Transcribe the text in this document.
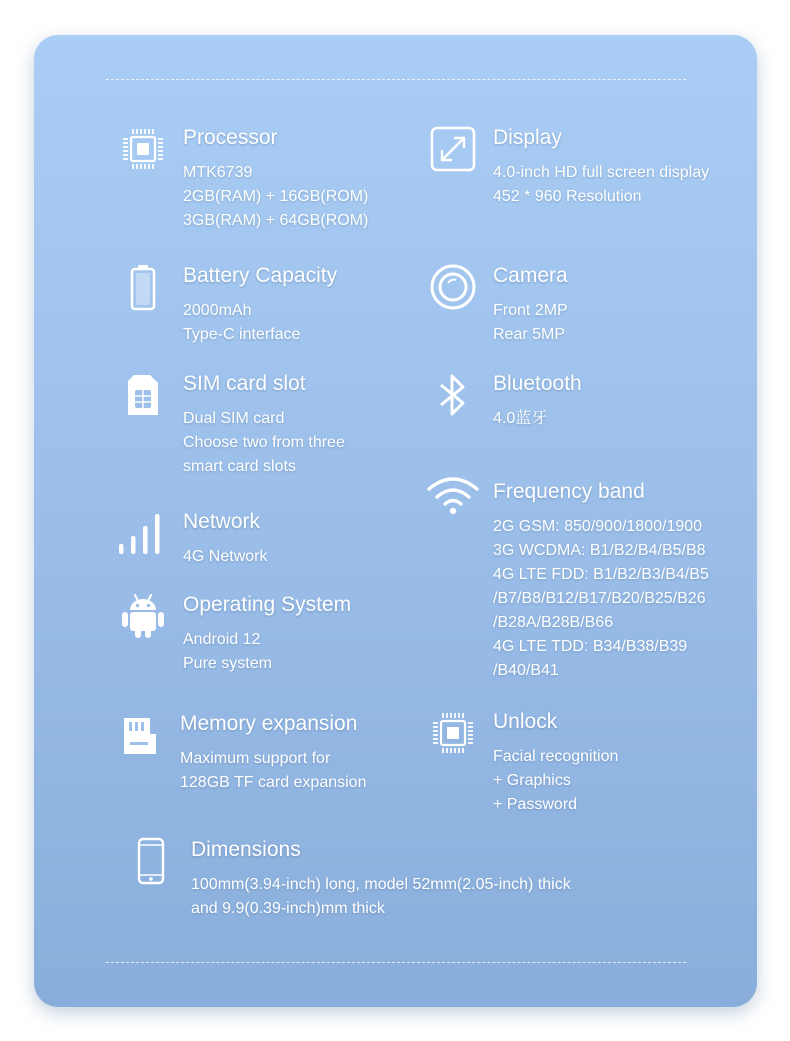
Processor
MTK6739
2GB(RAM) + 16GB(ROM)
3GB(RAM) + 64GB(ROM)
Display
4.0-inch HD full screen display
452 * 960 Resolution
Battery Capacity
2000mAh
Type-C interface
Camera
Front 2MP
Rear 5MP
SIM card slot
Dual SIM card
Choose two from three
smart card slots
Bluetooth
4.0蓝牙
Frequency band
2G GSM: 850/900/1800/1900
3G WCDMA: B1/B2/B4/B5/B8
4G LTE FDD: B1/B2/B3/B4/B5
/B7/B8/B12/B17/B20/B25/B26
/B28A/B28B/B66
4G LTE TDD: B34/B38/B39
/B40/B41
Network
4G Network
Operating System
Android 12
Pure system
Memory expansion
Maximum support for
128GB TF card expansion
Unlock
Facial recognition
+ Graphics
+ Password
Dimensions
100mm(3.94-inch) long, model 52mm(2.05-inch) thick
and 9.9(0.39-inch)mm thick
